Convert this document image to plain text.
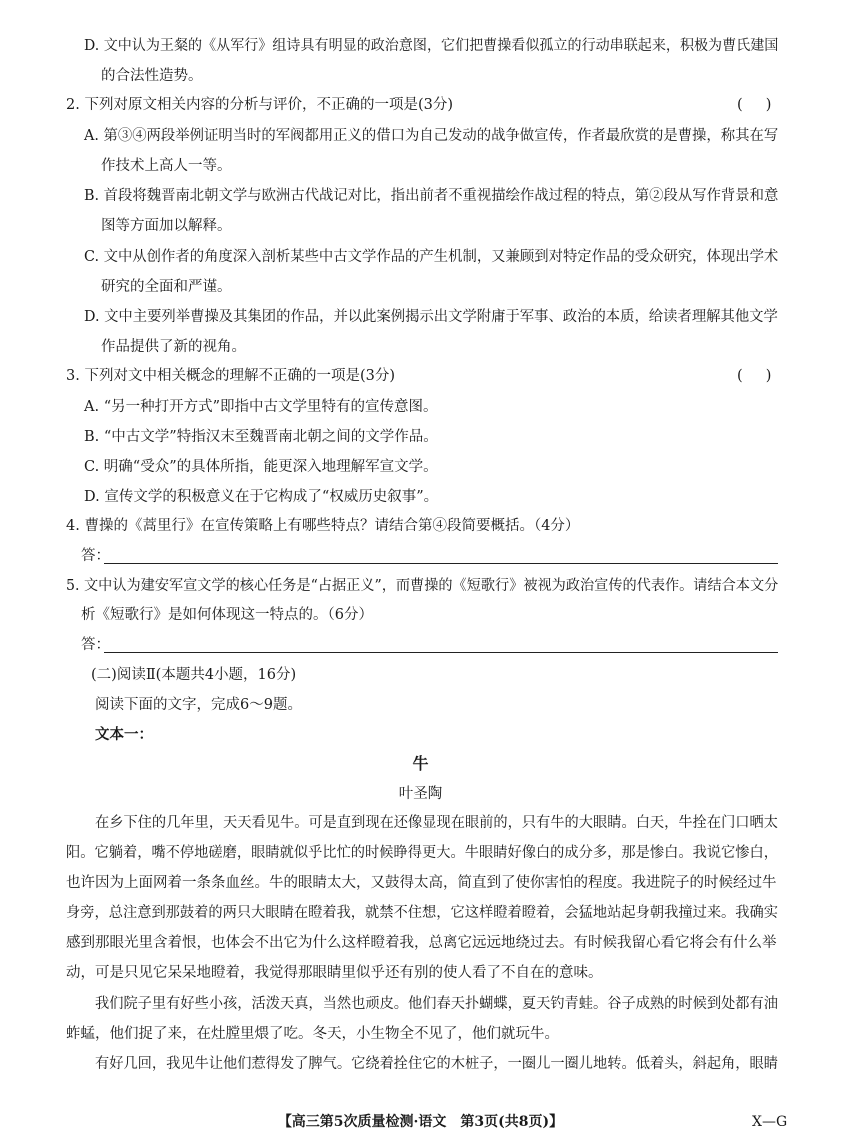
D. 文中认为王粲的《从军行》组诗具有明显的政治意图，它们把曹操看似孤立的行动串联起来，积极为曹氏建国
的合法性造势。
2. 下列对原文相关内容的分析与评价，不正确的一项是(3分)	(     )
A. 第③④两段举例证明当时的军阀都用正义的借口为自己发动的战争做宣传，作者最欣赏的是曹操，称其在写
作技术上高人一等。
B. 首段将魏晋南北朝文学与欧洲古代战记对比，指出前者不重视描绘作战过程的特点，第②段从写作背景和意
图等方面加以解释。
C. 文中从创作者的角度深入剖析某些中古文学作品的产生机制，又兼顾到对特定作品的受众研究，体现出学术
研究的全面和严谨。
D. 文中主要列举曹操及其集团的作品，并以此案例揭示出文学附庸于军事、政治的本质，给读者理解其他文学
作品提供了新的视角。
3. 下列对文中相关概念的理解不正确的一项是(3分)	(     )
A. “另一种打开方式”即指中古文学里特有的宣传意图。
B. “中古文学”特指汉末至魏晋南北朝之间的文学作品。
C. 明确“受众”的具体所指，能更深入地理解军宣文学。
D. 宣传文学的积极意义在于它构成了“权威历史叙事”。
4. 曹操的《蒿里行》在宣传策略上有哪些特点？请结合第④段简要概括。（4分）
答：
5. 文中认为建安军宣文学的核心任务是“占据正义”，而曹操的《短歌行》被视为政治宣传的代表作。请结合本文分
析《短歌行》是如何体现这一特点的。（6分）
答：
(二)阅读Ⅱ(本题共4小题，16分)
阅读下面的文字，完成6～9题。
文本一：
牛
叶圣陶
在乡下住的几年里，天天看见牛。可是直到现在还像显现在眼前的，只有牛的大眼睛。白天，牛拴在门口晒太
阳。它躺着，嘴不停地磋磨，眼睛就似乎比忙的时候睁得更大。牛眼睛好像白的成分多，那是惨白。我说它惨白，
也许因为上面网着一条条血丝。牛的眼睛太大，又鼓得太高，简直到了使你害怕的程度。我进院子的时候经过牛
身旁，总注意到那鼓着的两只大眼睛在瞪着我，就禁不住想，它这样瞪着瞪着，会猛地站起身朝我撞过来。我确实
感到那眼光里含着恨，也体会不出它为什么这样瞪着我，总离它远远地绕过去。有时候我留心看它将会有什么举
动，可是只见它呆呆地瞪着，我觉得那眼睛里似乎还有别的使人看了不自在的意味。
我们院子里有好些小孩，活泼天真，当然也顽皮。他们春天扑蝴蝶，夏天钓青蛙。谷子成熟的时候到处都有油
蚱蜢，他们捉了来，在灶膛里煨了吃。冬天，小生物全不见了，他们就玩牛。
有好几回，我见牛让他们惹得发了脾气。它绕着拴住它的木桩子，一圈儿一圈儿地转。低着头，斜起角，眼睛
【高三第5次质量检测·语文　第3页(共8页)】	X—G
